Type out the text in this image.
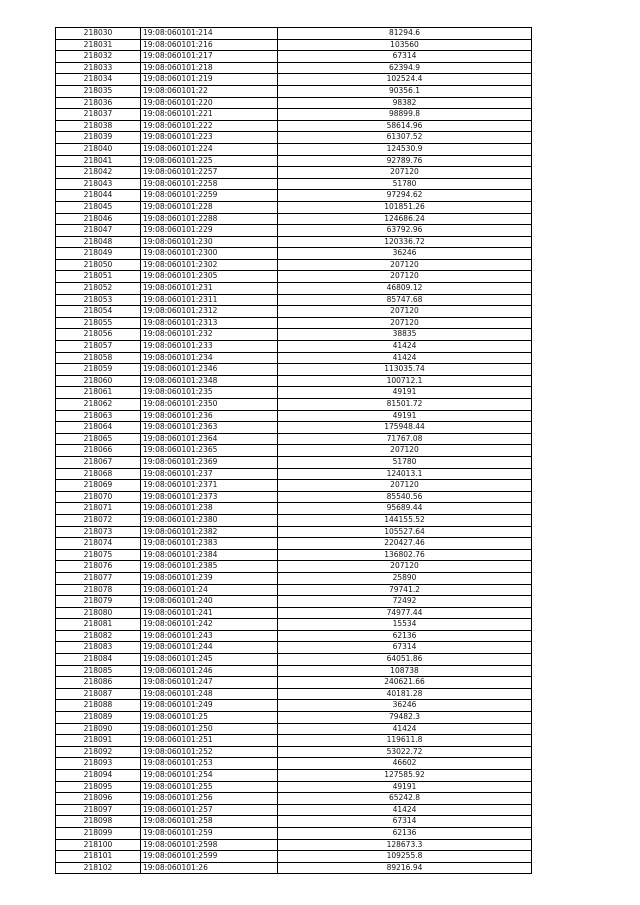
218030	19:08:060101:214	81294.6
218031	19:08:060101:216	103560
218032	19:08:060101:217	67314
218033	19:08:060101:218	62394.9
218034	19:08:060101:219	102524.4
218035	19:08:060101:22	90356.1
218036	19:08:060101:220	98382
218037	19:08:060101:221	98899.8
218038	19:08:060101:222	58614.96
218039	19:08:060101:223	61307.52
218040	19:08:060101:224	124530.9
218041	19:08:060101:225	92789.76
218042	19:08:060101:2257	207120
218043	19:08:060101:2258	51780
218044	19:08:060101:2259	97294.62
218045	19:08:060101:228	101851.26
218046	19:08:060101:2288	124686.24
218047	19:08:060101:229	63792.96
218048	19:08:060101:230	120336.72
218049	19:08:060101:2300	36246
218050	19:08:060101:2302	207120
218051	19:08:060101:2305	207120
218052	19:08:060101:231	46809.12
218053	19:08:060101:2311	85747.68
218054	19:08:060101:2312	207120
218055	19:08:060101:2313	207120
218056	19:08:060101:232	38835
218057	19:08:060101:233	41424
218058	19:08:060101:234	41424
218059	19:08:060101:2346	113035.74
218060	19:08:060101:2348	100712.1
218061	19:08:060101:235	49191
218062	19:08:060101:2350	81501.72
218063	19:08:060101:236	49191
218064	19:08:060101:2363	175948.44
218065	19:08:060101:2364	71767.08
218066	19:08:060101:2365	207120
218067	19:08:060101:2369	51780
218068	19:08:060101:237	124013.1
218069	19:08:060101:2371	207120
218070	19:08:060101:2373	85540.56
218071	19:08:060101:238	95689.44
218072	19:08:060101:2380	144155.52
218073	19:08:060101:2382	105527.64
218074	19:08:060101:2383	220427.46
218075	19:08:060101:2384	136802.76
218076	19:08:060101:2385	207120
218077	19:08:060101:239	25890
218078	19:08:060101:24	79741.2
218079	19:08:060101:240	72492
218080	19:08:060101:241	74977.44
218081	19:08:060101:242	15534
218082	19:08:060101:243	62136
218083	19:08:060101:244	67314
218084	19:08:060101:245	64051.86
218085	19:08:060101:246	108738
218086	19:08:060101:247	240621.66
218087	19:08:060101:248	40181.28
218088	19:08:060101:249	36246
218089	19:08:060101:25	79482.3
218090	19:08:060101:250	41424
218091	19:08:060101:251	119611.8
218092	19:08:060101:252	53022.72
218093	19:08:060101:253	46602
218094	19:08:060101:254	127585.92
218095	19:08:060101:255	49191
218096	19:08:060101:256	65242.8
218097	19:08:060101:257	41424
218098	19:08:060101:258	67314
218099	19:08:060101:259	62136
218100	19:08:060101:2598	128673.3
218101	19:08:060101:2599	109255.8
218102	19:08:060101:26	89216.94
